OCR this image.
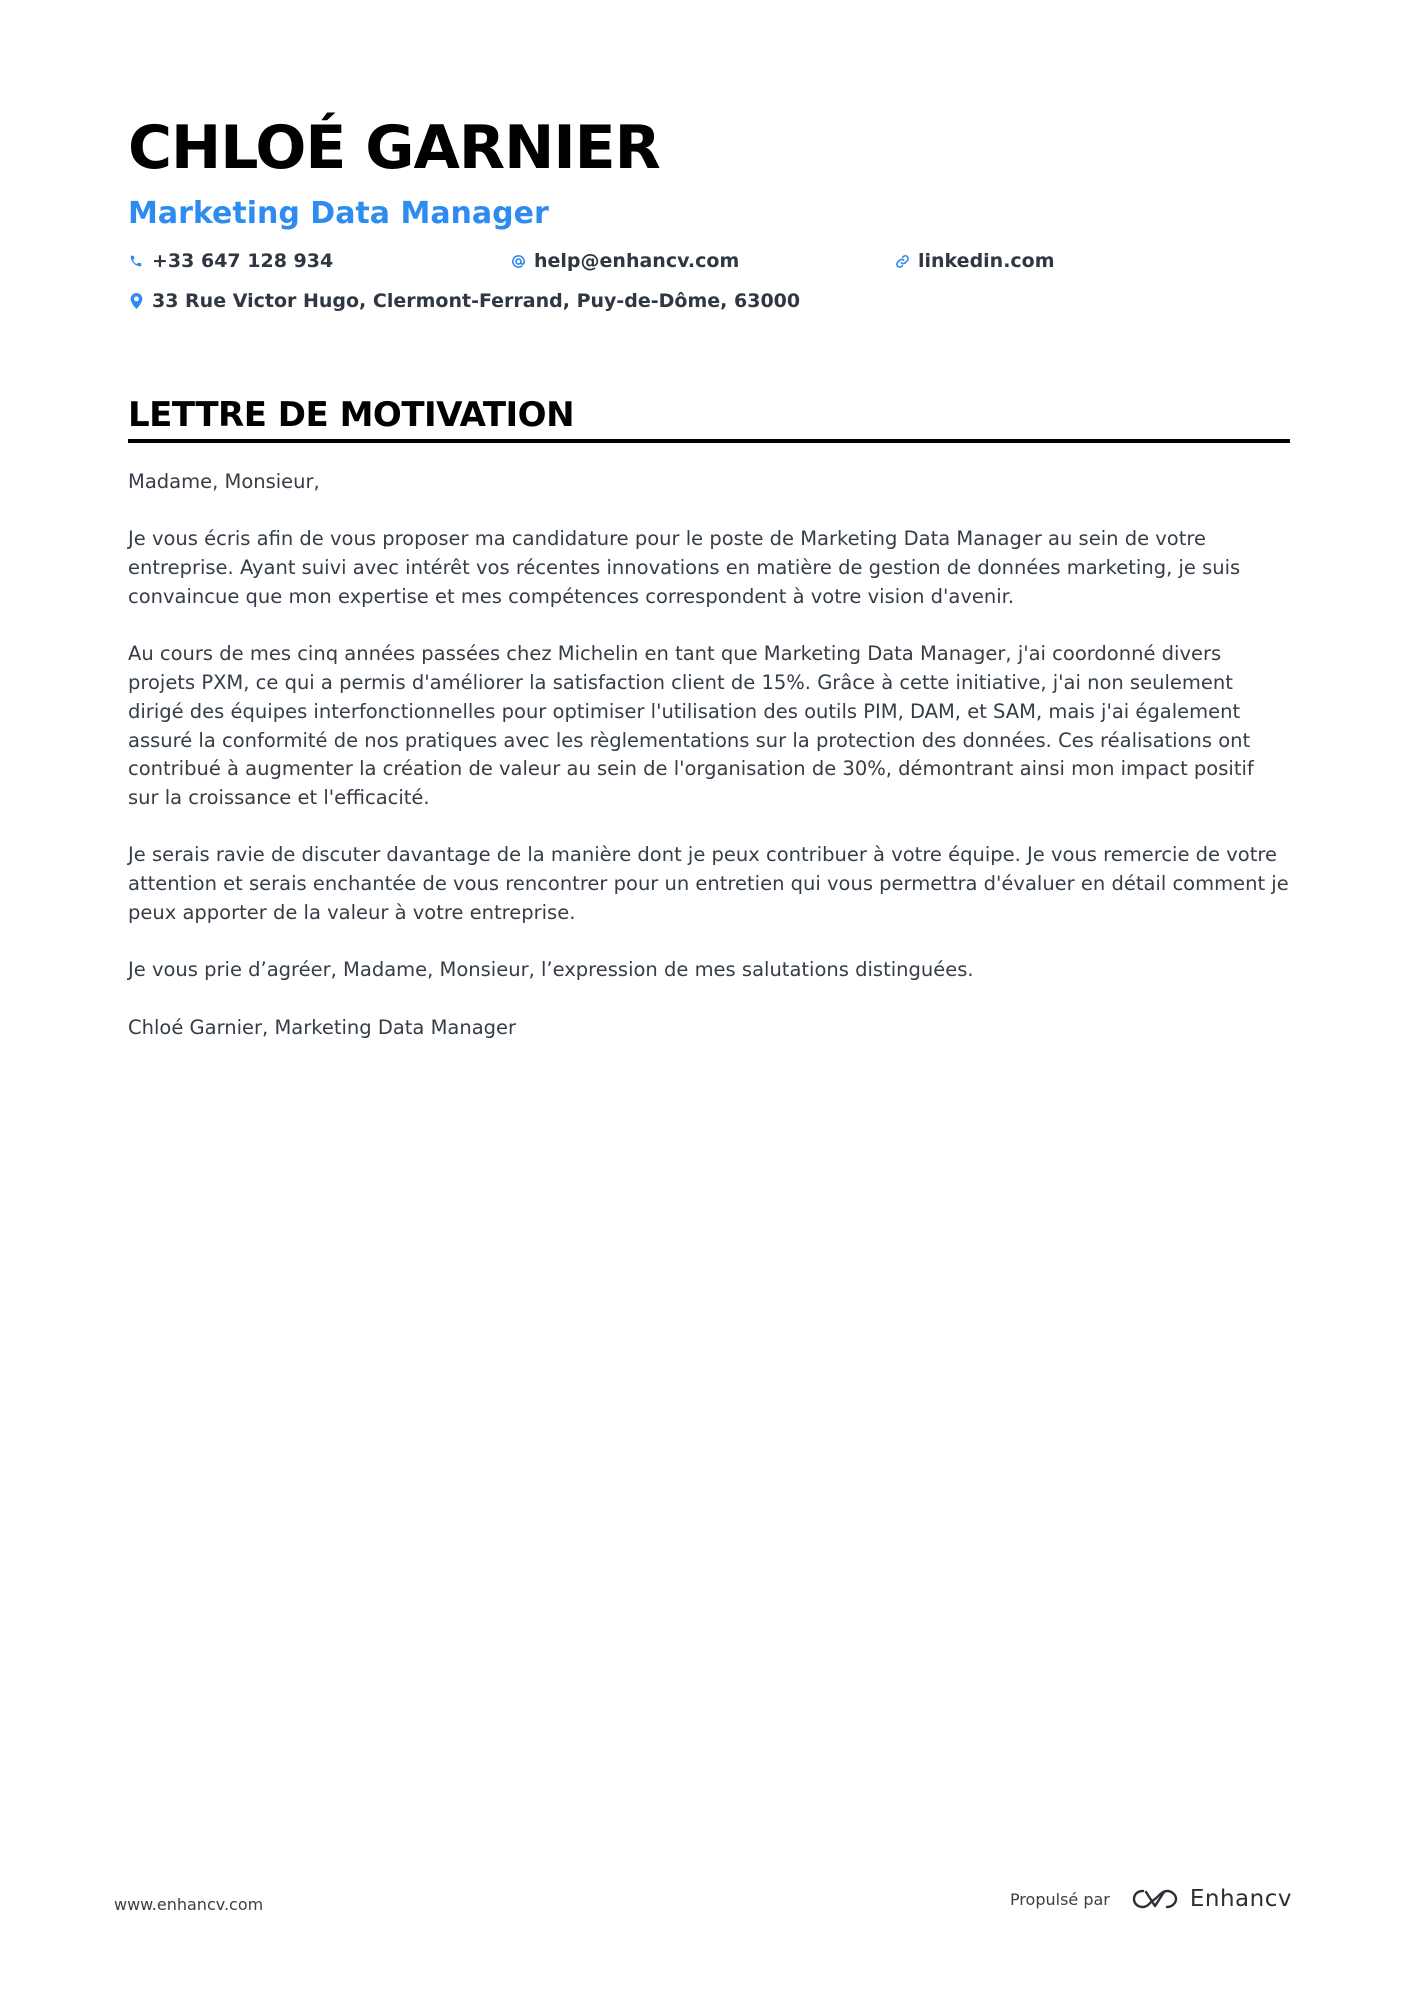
CHLOÉ GARNIER
Marketing Data Manager
+33 647 128 934	help@enhancv.com	linkedin.com
33 Rue Victor Hugo, Clermont-Ferrand, Puy-de-Dôme, 63000
LETTRE DE MOTIVATION

Madame, Monsieur,

Je vous écris afin de vous proposer ma candidature pour le poste de Marketing Data Manager au sein de votre entreprise. Ayant suivi avec intérêt vos récentes innovations en matière de gestion de données marketing, je suis convaincue que mon expertise et mes compétences correspondent à votre vision d'avenir.

Au cours de mes cinq années passées chez Michelin en tant que Marketing Data Manager, j'ai coordonné divers projets PXM, ce qui a permis d'améliorer la satisfaction client de 15%. Grâce à cette initiative, j'ai non seulement dirigé des équipes interfonctionnelles pour optimiser l'utilisation des outils PIM, DAM, et SAM, mais j'ai également assuré la conformité de nos pratiques avec les règlementations sur la protection des données. Ces réalisations ont contribué à augmenter la création de valeur au sein de l'organisation de 30%, démontrant ainsi mon impact positif sur la croissance et l'efficacité.

Je serais ravie de discuter davantage de la manière dont je peux contribuer à votre équipe. Je vous remercie de votre attention et serais enchantée de vous rencontrer pour un entretien qui vous permettra d'évaluer en détail comment je peux apporter de la valeur à votre entreprise.

Je vous prie d’agréer, Madame, Monsieur, l’expression de mes salutations distinguées.

Chloé Garnier, Marketing Data Manager

www.enhancv.com	Propulsé par	Enhancv
